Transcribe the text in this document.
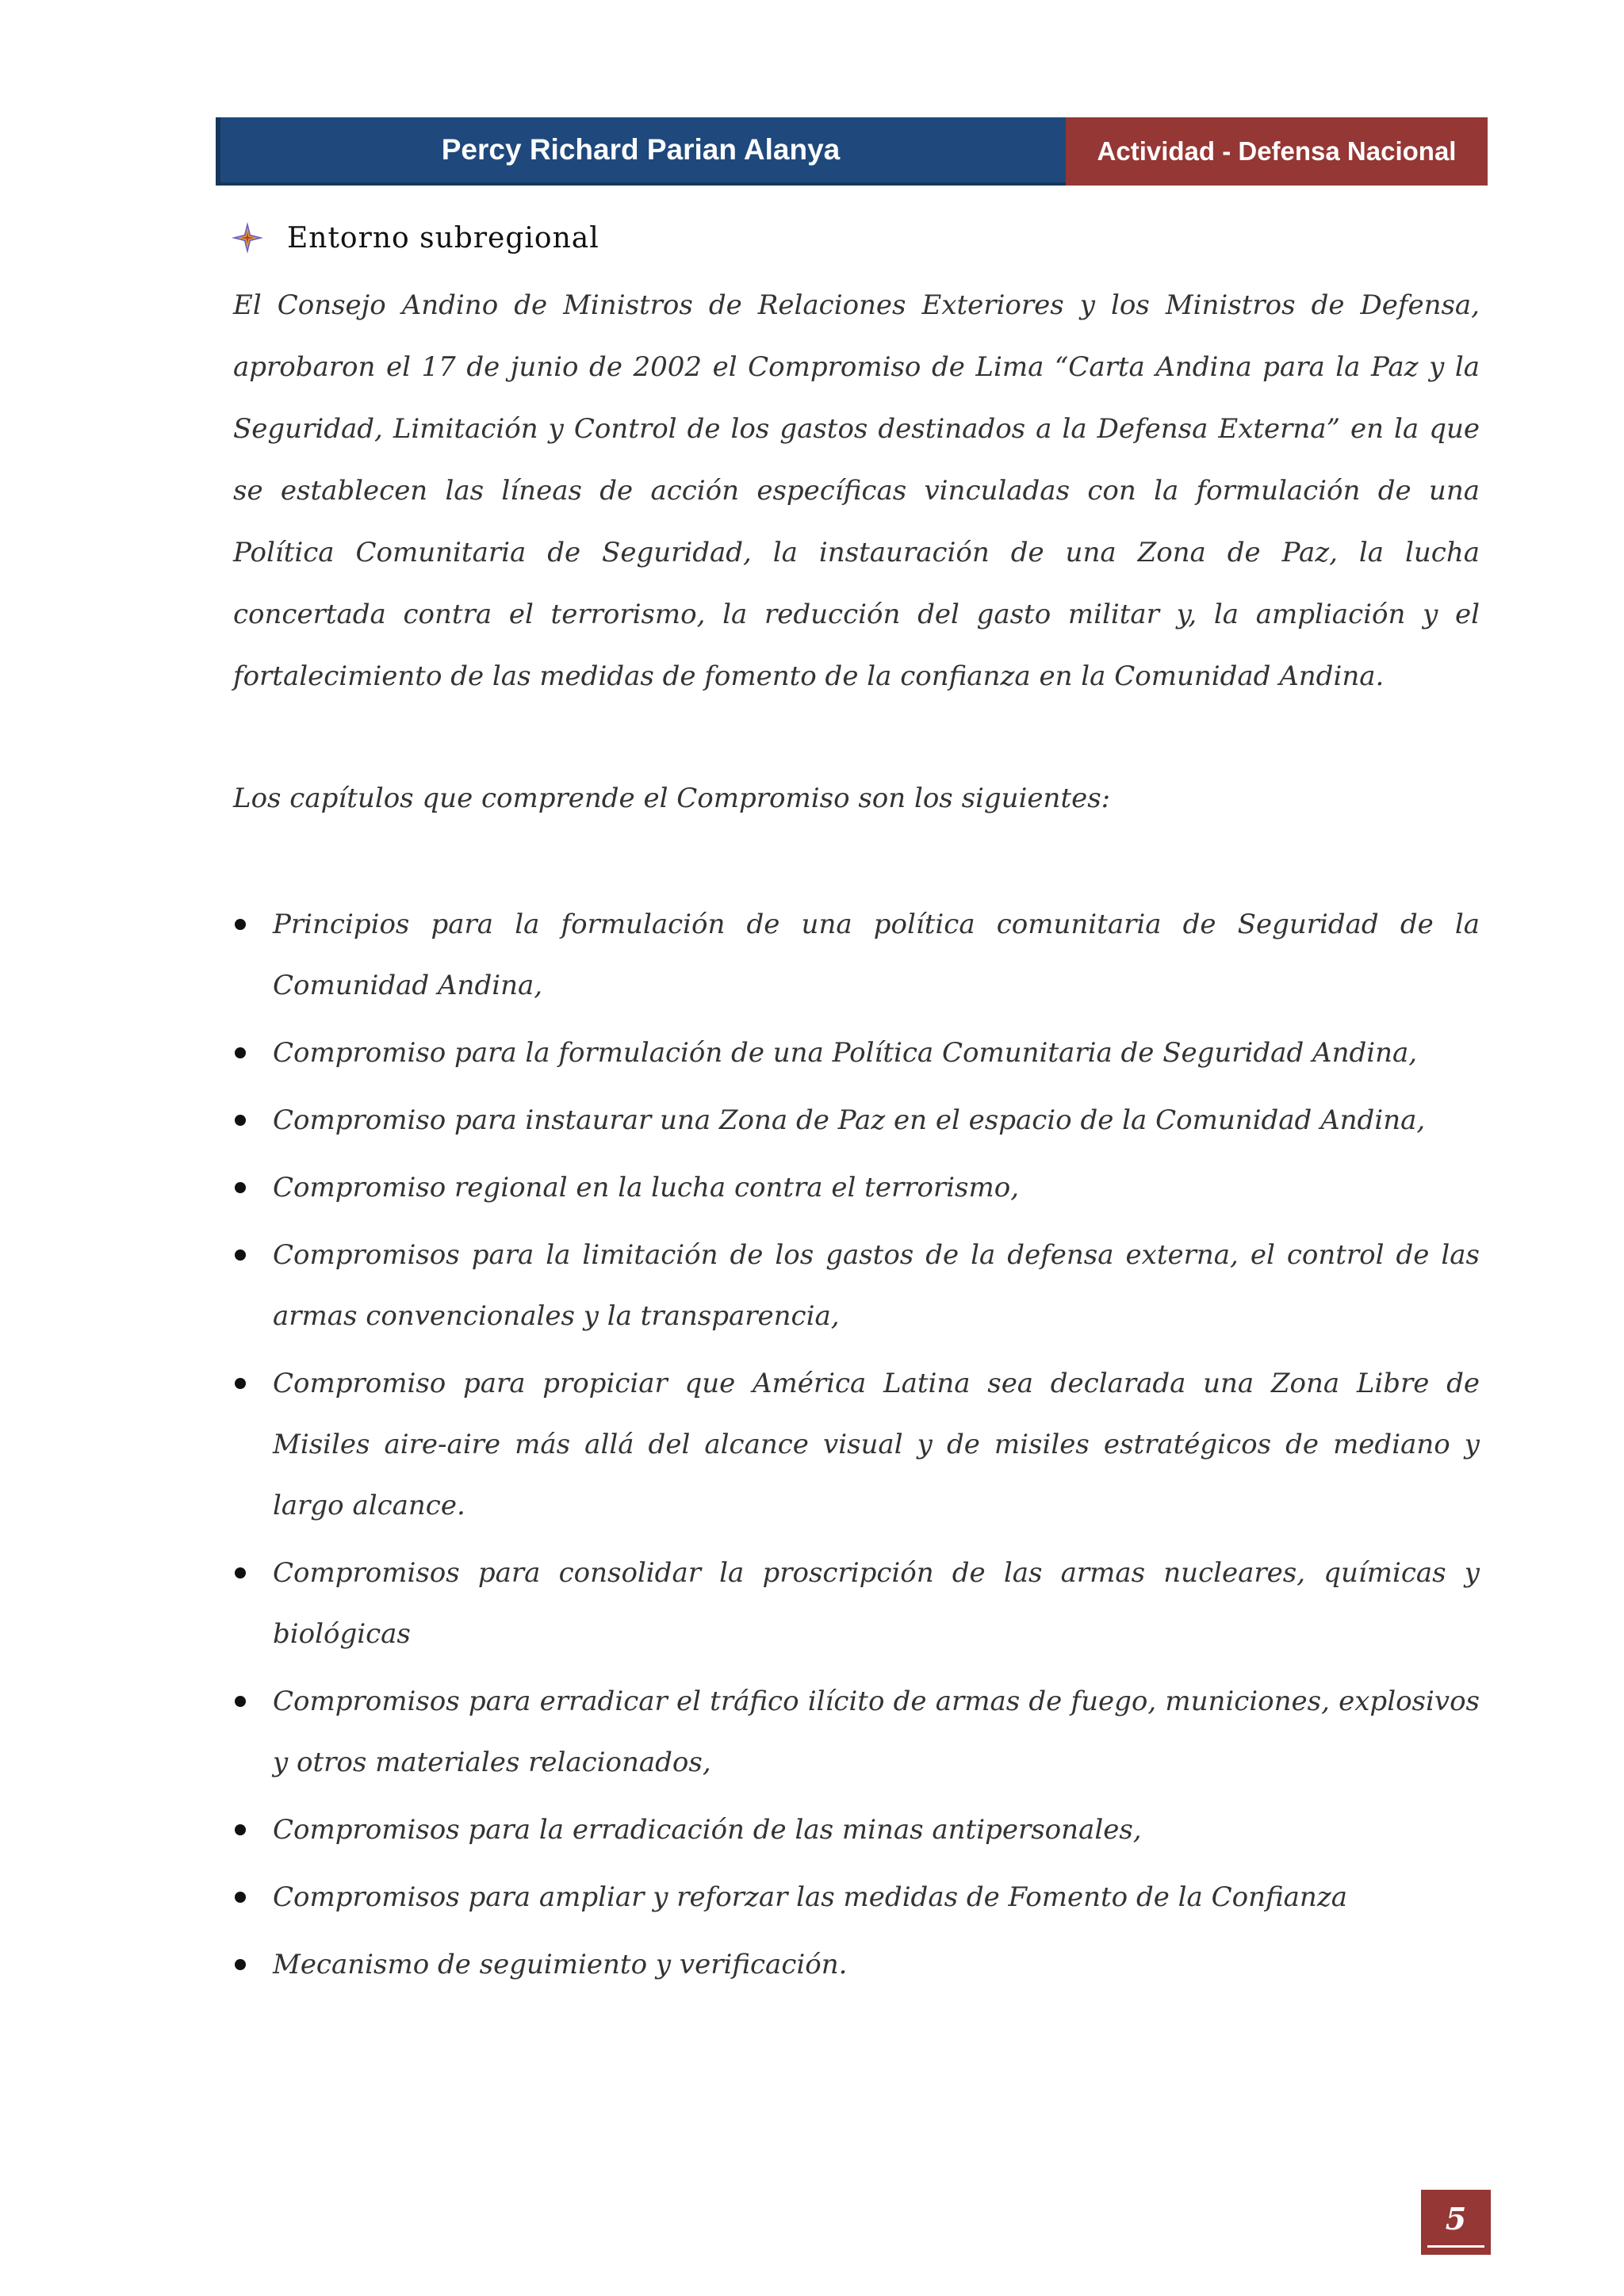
Percy Richard Parian Alanya	Actividad - Defensa Nacional
Entorno subregional

El Consejo Andino de Ministros de Relaciones Exteriores y los Ministros de Defensa, aprobaron el 17 de junio de 2002 el Compromiso de Lima “Carta Andina para la Paz y la Seguridad, Limitación y Control de los gastos destinados a la Defensa Externa” en la que se establecen las líneas de acción específicas vinculadas con la formulación de una Política Comunitaria de Seguridad, la instauración de una Zona de Paz, la lucha concertada contra el terrorismo, la reducción del gasto militar y, la ampliación y el fortalecimiento de las medidas de fomento de la confianza en la Comunidad Andina.

Los capítulos que comprende el Compromiso son los siguientes:

Principios para la formulación de una política comunitaria de Seguridad de la Comunidad Andina,
Compromiso para la formulación de una Política Comunitaria de Seguridad Andina,
Compromiso para instaurar una Zona de Paz en el espacio de la Comunidad Andina,
Compromiso regional en la lucha contra el terrorismo,
Compromisos para la limitación de los gastos de la defensa externa, el control de las armas convencionales y la transparencia,
Compromiso para propiciar que América Latina sea declarada una Zona Libre de Misiles aire-aire más allá del alcance visual y de misiles estratégicos de mediano y largo alcance.
Compromisos para consolidar la proscripción de las armas nucleares, químicas y biológicas
Compromisos para erradicar el tráfico ilícito de armas de fuego, municiones, explosivos y otros materiales relacionados,
Compromisos para la erradicación de las minas antipersonales,
Compromisos para ampliar y reforzar las medidas de Fomento de la Confianza
Mecanismo de seguimiento y verificación.
5
